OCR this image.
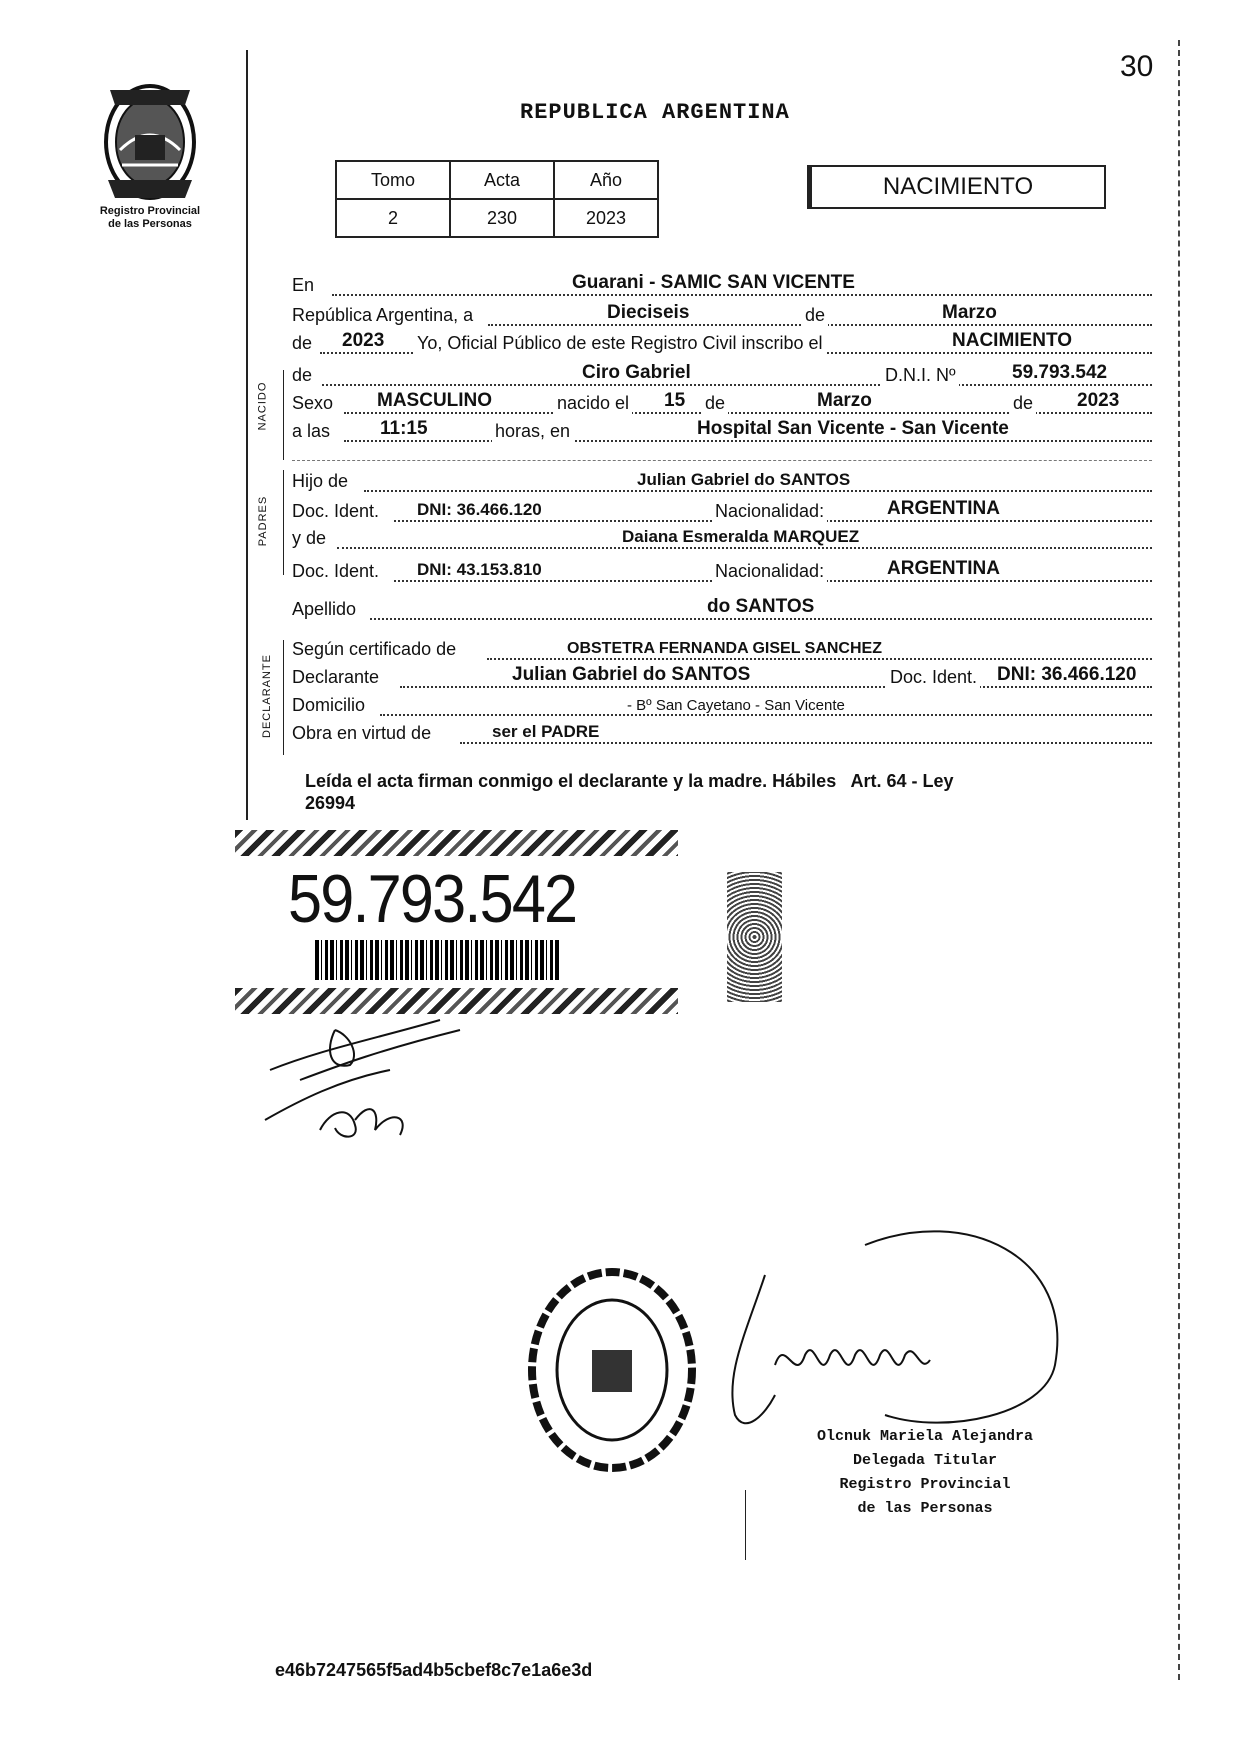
30
Registro Provincial
de las Personas
REPUBLICA ARGENTINA
Tomo	Acta	Año
2	230	2023
NACIMIENTO
NACIDO
PADRES
DECLARANTE
En	Guarani - SAMIC SAN VICENTE
República Argentina, a	Dieciseis	de	Marzo
de 2023 Yo, Oficial Público de este Registro Civil inscribo el	NACIMIENTO
de	Ciro Gabriel	D.N.I. Nº	59.793.542
Sexo MASCULINO	nacido el 15 de	Marzo	de 2023
a las	11:15	horas, en	Hospital San Vicente - San Vicente
Hijo de	Julian Gabriel do SANTOS
Doc. Ident. DNI: 36.466.120	Nacionalidad:	ARGENTINA
y de	Daiana Esmeralda MARQUEZ
Doc. Ident. DNI: 43.153.810	Nacionalidad:	ARGENTINA
Apellido	do SANTOS
Según certificado de	OBSTETRA FERNANDA GISEL SANCHEZ
Declarante	Julian Gabriel do SANTOS	Doc. Ident. DNI: 36.466.120
Domicilio	- Bº San Cayetano - San Vicente
Obra en virtud de	ser el PADRE
Leída el acta firman conmigo el declarante y la madre. Hábiles   Art. 64 - Ley
26994
59.793.542
Olcnuk Mariela Alejandra
Delegada Titular
Registro Provincial
de las Personas
e46b7247565f5ad4b5cbef8c7e1a6e3d
